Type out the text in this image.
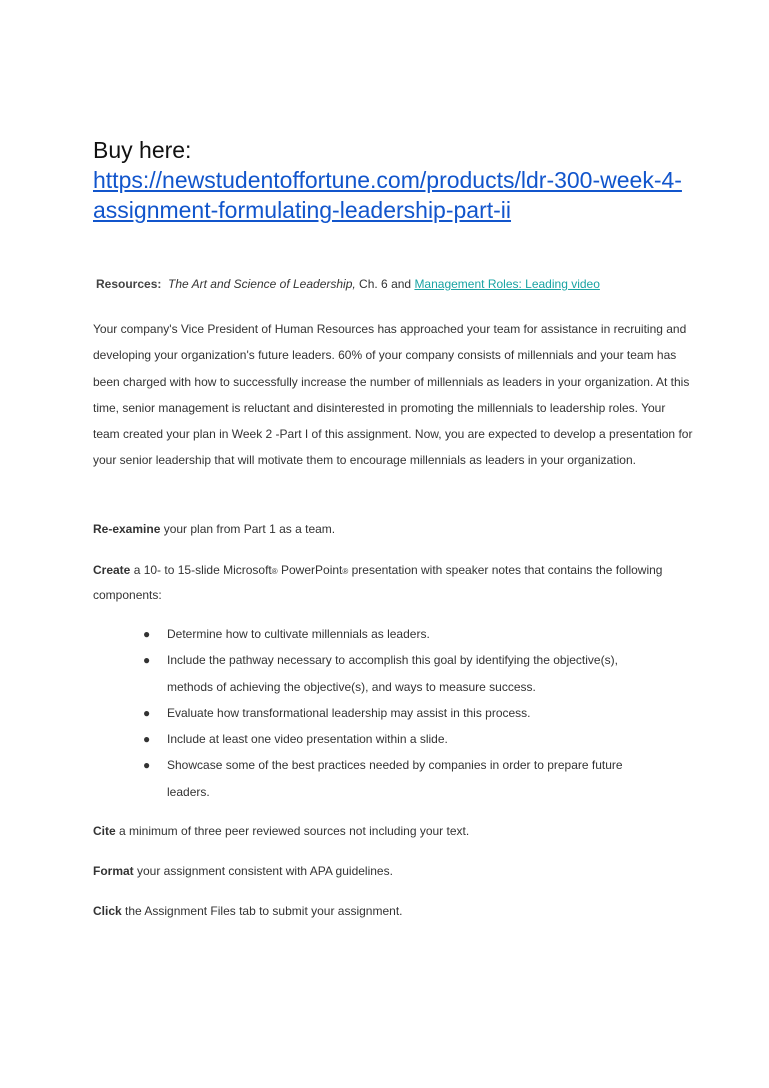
Buy here:
https://newstudentoffortune.com/products/ldr-300-week-4-assignment-formulating-leadership-part-ii
Resources: The Art and Science of Leadership, Ch. 6 and Management Roles: Leading video
Your company's Vice President of Human Resources has approached your team for assistance in recruiting and developing your organization's future leaders. 60% of your company consists of millennials and your team has been charged with how to successfully increase the number of millennials as leaders in your organization. At this time, senior management is reluctant and disinterested in promoting the millennials to leadership roles. Your team created your plan in Week 2 -Part I of this assignment. Now, you are expected to develop a presentation for your senior leadership that will motivate them to encourage millennials as leaders in your organization.
Re-examine your plan from Part 1 as a team.
Create a 10- to 15-slide Microsoft® PowerPoint® presentation with speaker notes that contains the following
components:
● Determine how to cultivate millennials as leaders.
● Include the pathway necessary to accomplish this goal by identifying the objective(s), methods of achieving the objective(s), and ways to measure success.
● Evaluate how transformational leadership may assist in this process.
● Include at least one video presentation within a slide.
● Showcase some of the best practices needed by companies in order to prepare future leaders.
Cite a minimum of three peer reviewed sources not including your text.
Format your assignment consistent with APA guidelines.
Click the Assignment Files tab to submit your assignment.
